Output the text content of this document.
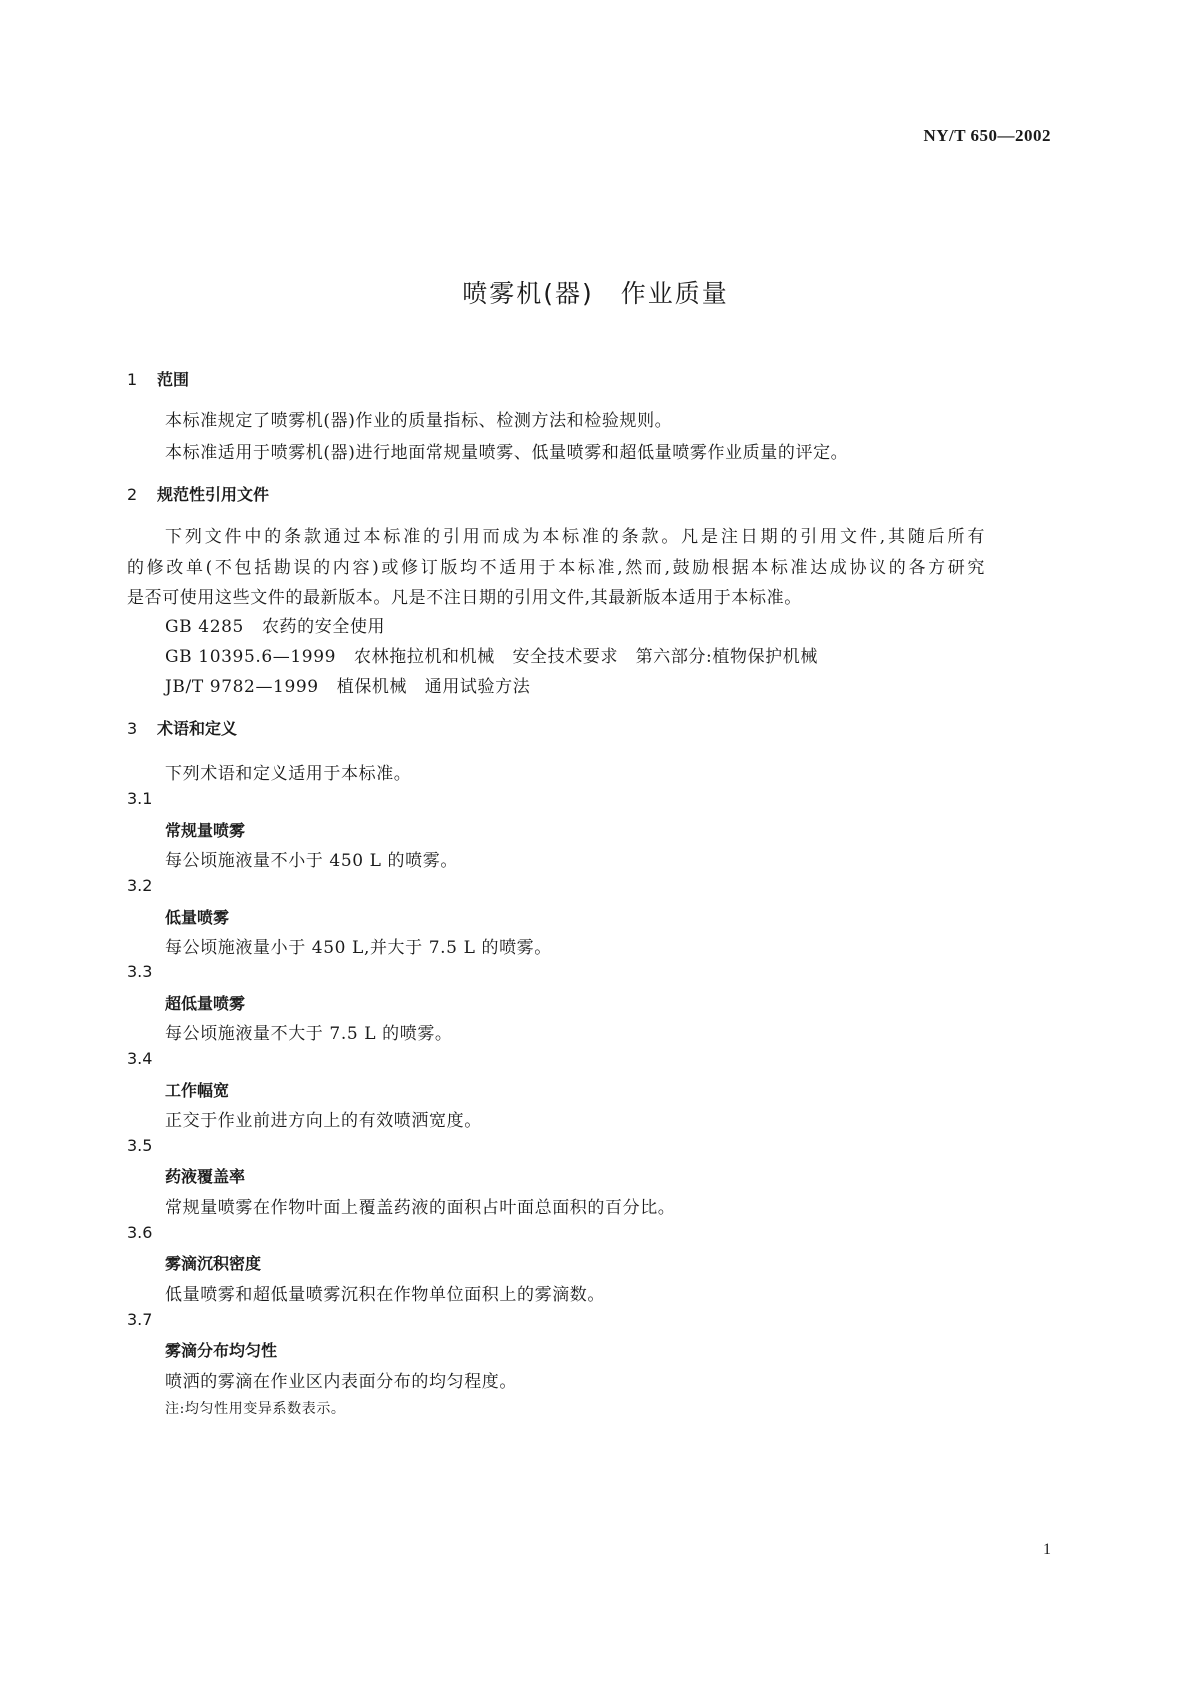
NY/T 650—2002
喷雾机(器)　作业质量
1 范围
本标准规定了喷雾机(器)作业的质量指标、检测方法和检验规则。
本标准适用于喷雾机(器)进行地面常规量喷雾、低量喷雾和超低量喷雾作业质量的评定。
2 规范性引用文件
下列文件中的条款通过本标准的引用而成为本标准的条款。凡是注日期的引用文件,其随后所有
的修改单(不包括勘误的内容)或修订版均不适用于本标准,然而,鼓励根据本标准达成协议的各方研究
是否可使用这些文件的最新版本。凡是不注日期的引用文件,其最新版本适用于本标准。
GB 4285 农药的安全使用
GB 10395.6—1999 农林拖拉机和机械　安全技术要求　第六部分:植物保护机械
JB/T 9782—1999 植保机械　通用试验方法
3 术语和定义
下列术语和定义适用于本标准。
3.1
常规量喷雾
每公顷施液量不小于 450 L 的喷雾。
3.2
低量喷雾
每公顷施液量小于 450 L,并大于 7.5 L 的喷雾。
3.3
超低量喷雾
每公顷施液量不大于 7.5 L 的喷雾。
3.4
工作幅宽
正交于作业前进方向上的有效喷洒宽度。
3.5
药液覆盖率
常规量喷雾在作物叶面上覆盖药液的面积占叶面总面积的百分比。
3.6
雾滴沉积密度
低量喷雾和超低量喷雾沉积在作物单位面积上的雾滴数。
3.7
雾滴分布均匀性
喷洒的雾滴在作业区内表面分布的均匀程度。
注:均匀性用变异系数表示。
1
